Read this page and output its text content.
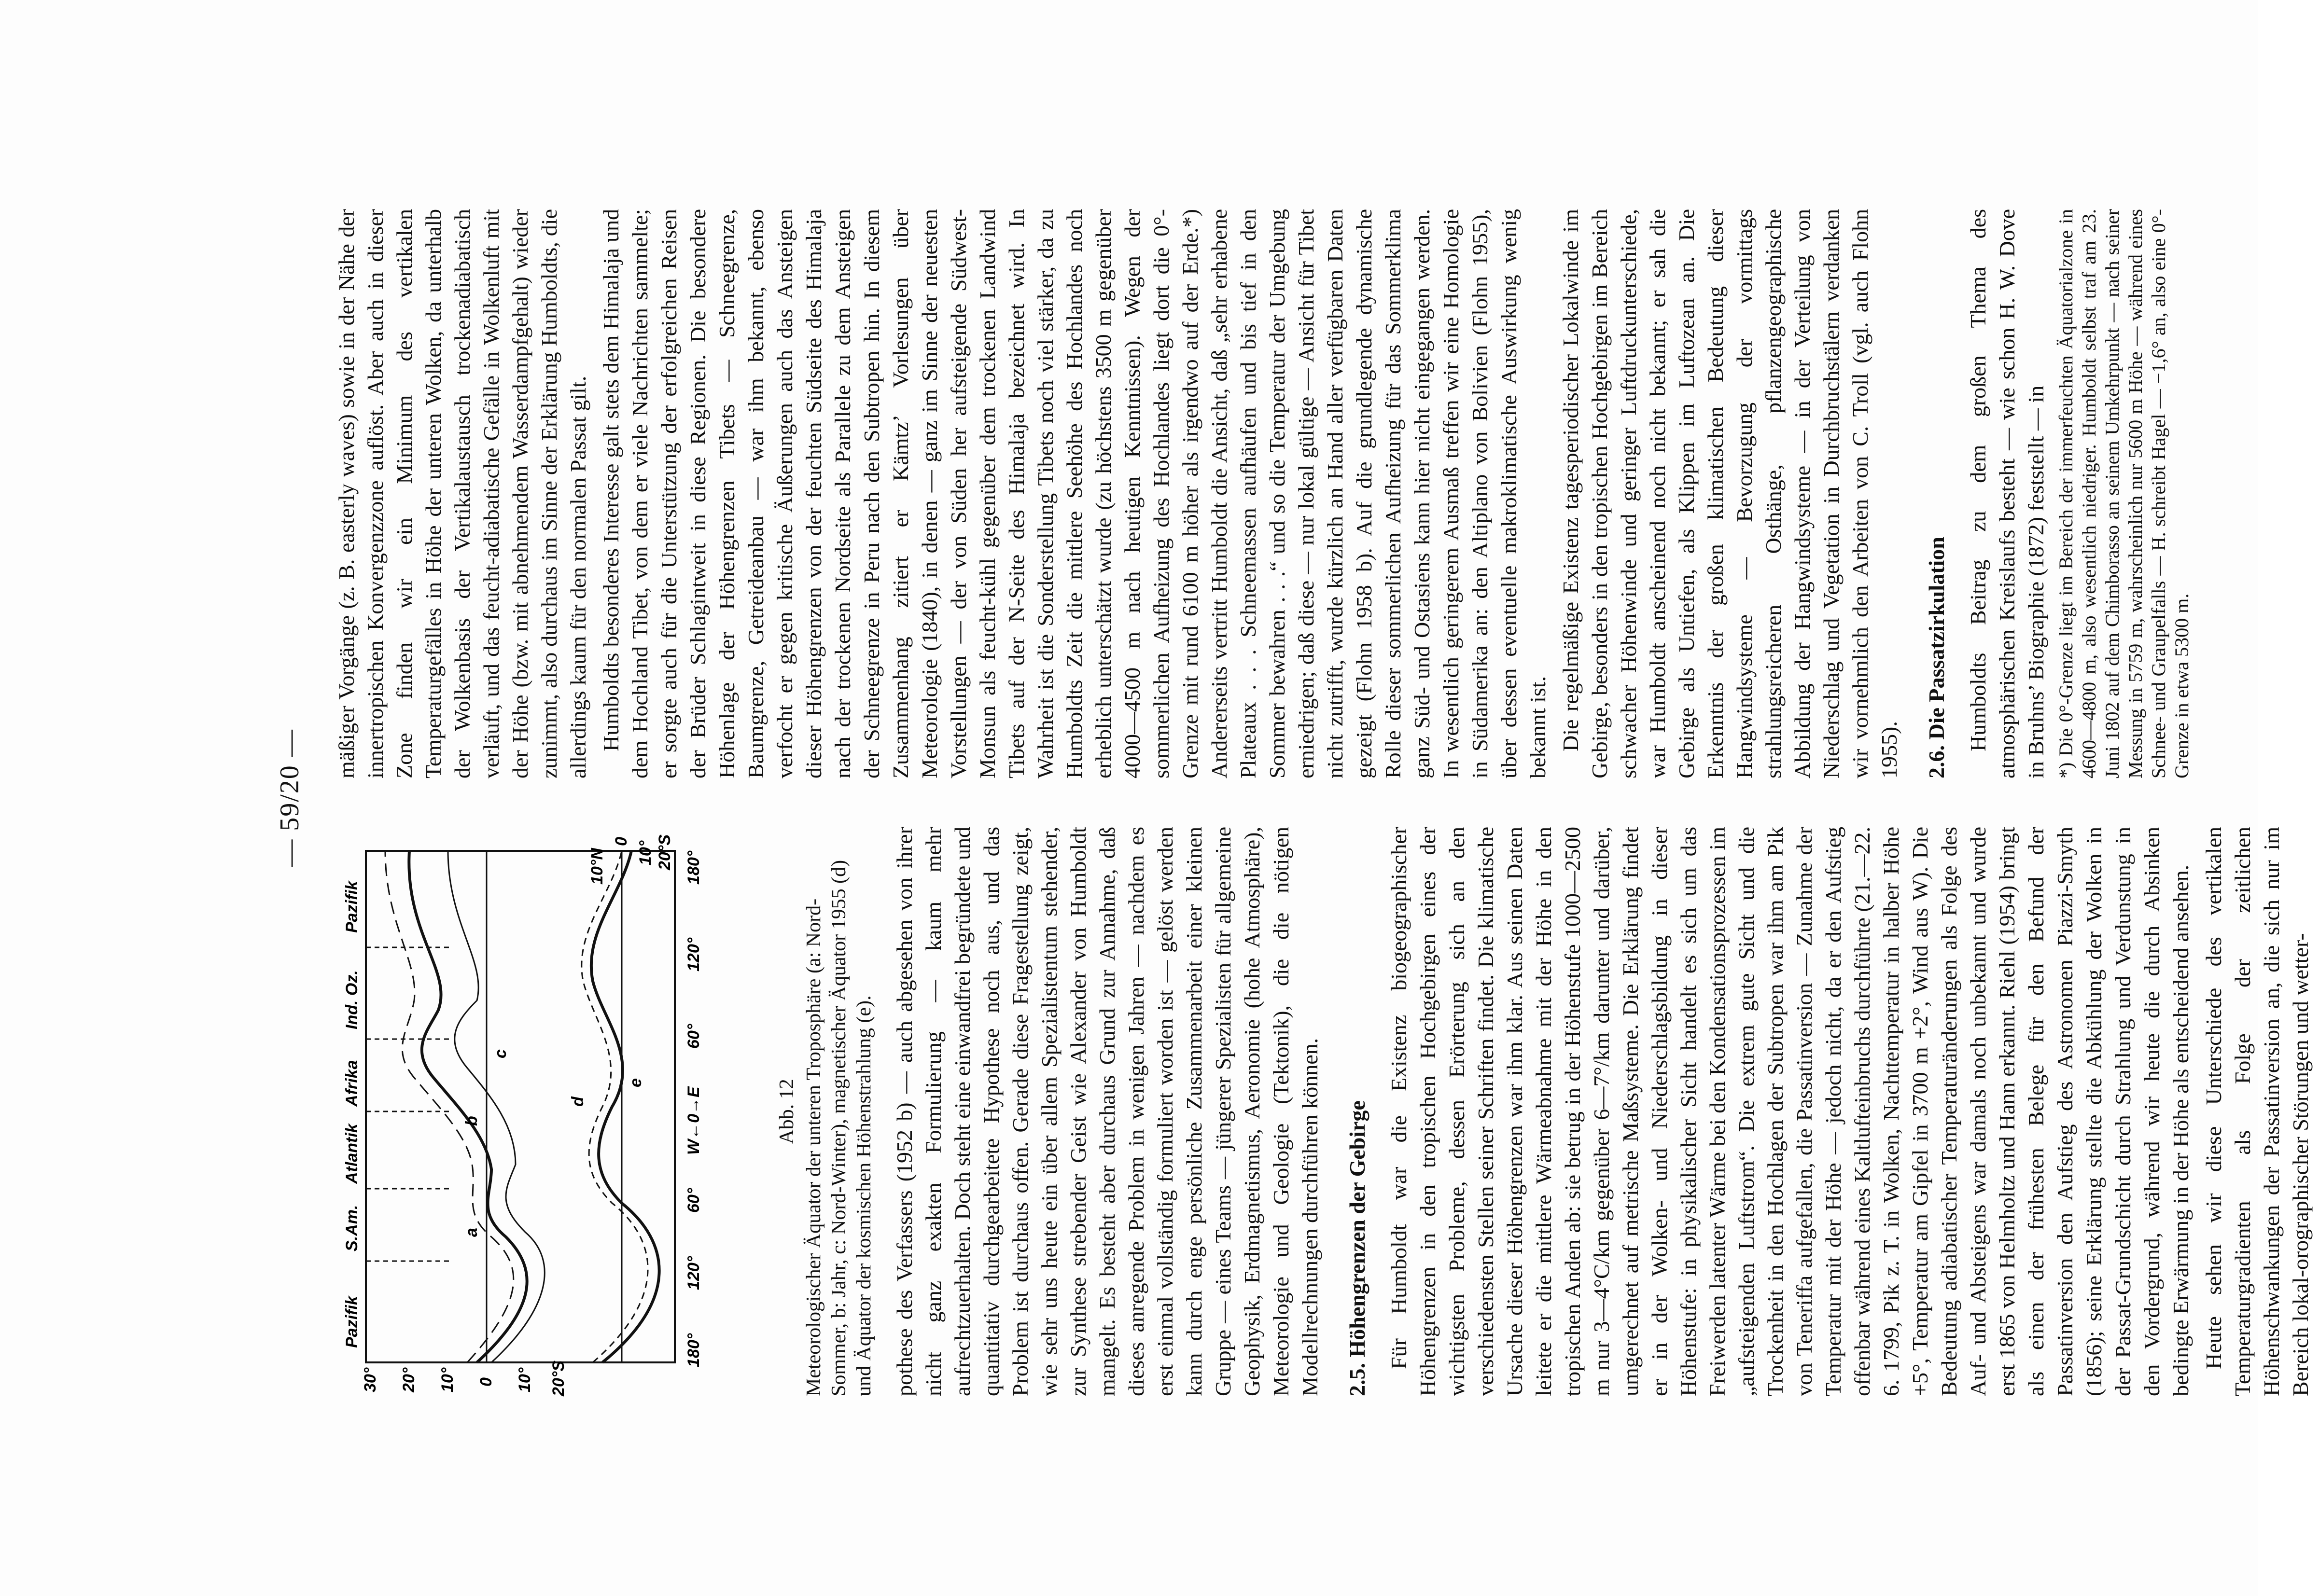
— 59/20 —
Pazifik
S.Am.
Atlantik
Afrika
Ind. Oz.
Pazifik
30° 20° 10° 0 10° 20°S
a
b
c
d
e
10°N
0 10° 20°S
180°
120°
60°
W←0→E
60°
120°
180°
Abb. 12 Meteorologischer Äquator der unteren Troposphäre (a: Nord-Sommer, b: Jahr, c: Nord-Winter), magnetischer Äquator 1955 (d) und Äquator der kosmischen Höhenstrahlung (e). pothese des Verfassers (1952 b) — auch abgesehen von ihrer nicht ganz exakten Formulierung — kaum mehr aufrechtzuerhalten. Doch steht eine einwandfrei begründete und quantitativ durchgearbeitete Hypothese noch aus, und das Problem ist durchaus offen. Gerade diese Fragestellung zeigt, wie sehr uns heute ein über allem Spezialistentum stehender, zur Synthese strebender Geist wie Alexander von Humboldt mangelt. Es besteht aber durchaus Grund zur Annahme, daß dieses anregende Problem in wenigen Jahren — nachdem es erst einmal vollständig formuliert worden ist — gelöst werden kann durch enge persönliche Zusammenarbeit einer kleinen Gruppe — eines Teams — jüngerer Spezialisten für allgemeine Geophysik, Erdmagnetismus, Aeronomie (hohe Atmosphäre), Meteorologie und Geologie (Tektonik), die die nötigen Modellrechnungen durchführen können. 2.5. Höhengrenzen der Gebirge Für Humboldt war die Existenz biogeographischer Höhengrenzen in den tropischen Hochgebirgen eines der wichtigsten Probleme, dessen Erörterung sich an den verschiedensten Stellen seiner Schriften findet. Die klimatische Ursache dieser Höhengrenzen war ihm klar. Aus seinen Daten leitete er die mittlere Wärmeabnahme mit der Höhe in den tropischen Anden ab: sie betrug in der Höhenstufe 1000—2500 m nur 3—4°C/km gegenüber 6—7°/km darunter und darüber, umgerechnet auf metrische Maßsysteme. Die Erklärung findet er in der Wolken- und Niederschlagsbildung in dieser Höhenstufe: in physikalischer Sicht handelt es sich um das Freiwerden latenter Wärme bei den Kondensationsprozessen im „aufsteigenden Luftstrom“. Die extrem gute Sicht und die Trockenheit in den Hochlagen der Subtropen war ihm am Pik von Teneriffa aufgefallen, die Passatinversion — Zunahme der Temperatur mit der Höhe — jedoch nicht, da er den Aufstieg offenbar während eines Kaltlufteinbruchs durchführte (21.—22. 6. 1799, Pik z. T. in Wolken, Nachttemperatur in halber Höhe +5°, Temperatur am Gipfel in 3700 m +2°, Wind aus W). Die Bedeutung adiabatischer Temperaturänderungen als Folge des Auf- und Absteigens war damals noch unbekannt und wurde erst 1865 von Helmholtz und Hann erkannt. Riehl (1954) bringt als einen der frühesten Belege für den Befund der Passatinversion den Aufstieg des Astronomen Piazzi-Smyth (1856); seine Erklärung stellte die Abkühlung der Wolken in der Passat-Grundschicht durch Strahlung und Verdunstung in den Vordergrund, während wir heute die durch Absinken bedingte Erwärmung in der Höhe als entscheidend ansehen. Heute sehen wir diese Unterschiede des vertikalen Temperaturgradienten als Folge der zeitlichen Höhenschwankungen der Passatinversion an, die sich nur im Bereich lokal-orographischer Störungen und wetter-

mäßiger Vorgänge (z. B. easterly waves) sowie in der Nähe der innertropischen Konvergenzzone auflöst. Aber auch in dieser Zone finden wir ein Minimum des vertikalen Temperaturgefälles in Höhe der unteren Wolken, da unterhalb der Wolkenbasis der Vertikalaustausch trockenadiabatisch verläuft, und das feucht-adiabatische Gefälle in Wolkenluft mit der Höhe (bzw. mit abnehmendem Wasserdampfgehalt) wieder zunimmt, also durchaus im Sinne der Erklärung Humboldts, die allerdings kaum für den normalen Passat gilt. Humboldts besonderes Interesse galt stets dem Himalaja und dem Hochland Tibet, von dem er viele Nachrichten sammelte; er sorgte auch für die Unterstützung der erfolgreichen Reisen der Brüder Schlagintweit in diese Regionen. Die besondere Höhenlage der Höhengrenzen Tibets — Schneegrenze, Baumgrenze, Getreideanbau — war ihm bekannt, ebenso verfocht er gegen kritische Äußerungen auch das Ansteigen dieser Höhengrenzen von der feuchten Südseite des Himalaja nach der trockenen Nordseite als Parallele zu dem Ansteigen der Schneegrenze in Peru nach den Subtropen hin. In diesem Zusammenhang zitiert er Kämtz’ Vorlesungen über Meteorologie (1840), in denen — ganz im Sinne der neuesten Vorstellungen — der von Süden her aufsteigende Südwest-Monsun als feucht-kühl gegenüber dem trockenen Landwind Tibets auf der N-Seite des Himalaja bezeichnet wird. In Wahrheit ist die Sonderstellung Tibets noch viel stärker, da zu Humboldts Zeit die mittlere Seehöhe des Hochlandes noch erheblich unterschätzt wurde (zu höchstens 3500 m gegenüber 4000—4500 m nach heutigen Kenntnissen). Wegen der sommerlichen Aufheizung des Hochlandes liegt dort die 0°-Grenze mit rund 6100 m höher als irgendwo auf der Erde.*) Andererseits vertritt Humboldt die Ansicht, daß „sehr erhabene Plateaux . . . Schneemassen aufhäufen und bis tief in den Sommer bewahren . . .“ und so die Temperatur der Umgebung erniedrigen; daß diese — nur lokal gültige — Ansicht für Tibet nicht zutrifft, wurde kürzlich an Hand aller verfügbaren Daten gezeigt (Flohn 1958 b). Auf die grundlegende dynamische Rolle dieser sommerlichen Aufheizung für das Sommerklima ganz Süd- und Ostasiens kann hier nicht eingegangen werden. In wesentlich geringerem Ausmaß treffen wir eine Homologie in Südamerika an: den Altiplano von Bolivien (Flohn 1955), über dessen eventuelle makroklimatische Auswirkung wenig bekannt ist. Die regelmäßige Existenz tagesperiodischer Lokalwinde im Gebirge, besonders in den tropischen Hochgebirgen im Bereich schwacher Höhenwinde und geringer Luftdruckunterschiede, war Humboldt anscheinend noch nicht bekannt; er sah die Gebirge als Untiefen, als Klippen im Luftozean an. Die Erkenntnis der großen klimatischen Bedeutung dieser Hangwindsysteme — Bevorzugung der vormittags strahlungsreicheren Osthänge, pflanzengeographische Abbildung der Hangwindsysteme — in der Verteilung von Niederschlag und Vegetation in Durchbruchstälern verdanken wir vornehmlich den Arbeiten von C. Troll (vgl. auch Flohn 1955). 2.6. Die Passatzirkulation Humboldts Beitrag zu dem großen Thema des atmosphärischen Kreislaufs besteht — wie schon H. W. Dove in Bruhns’ Biographie (1872) feststellt — in *) Die 0°-Grenze liegt im Bereich der immerfeuchten Äquatorialzone in 4600—4800 m, also wesentlich niedriger. Humboldt selbst traf am 23. Juni 1802 auf dem Chimborasso an seinem Umkehrpunkt — nach seiner Messung in 5759 m, wahrscheinlich nur 5600 m Höhe — während eines Schnee- und Graupelfalls — H. schreibt Hagel — −1,6° an, also eine 0°-Grenze in etwa 5300 m.
